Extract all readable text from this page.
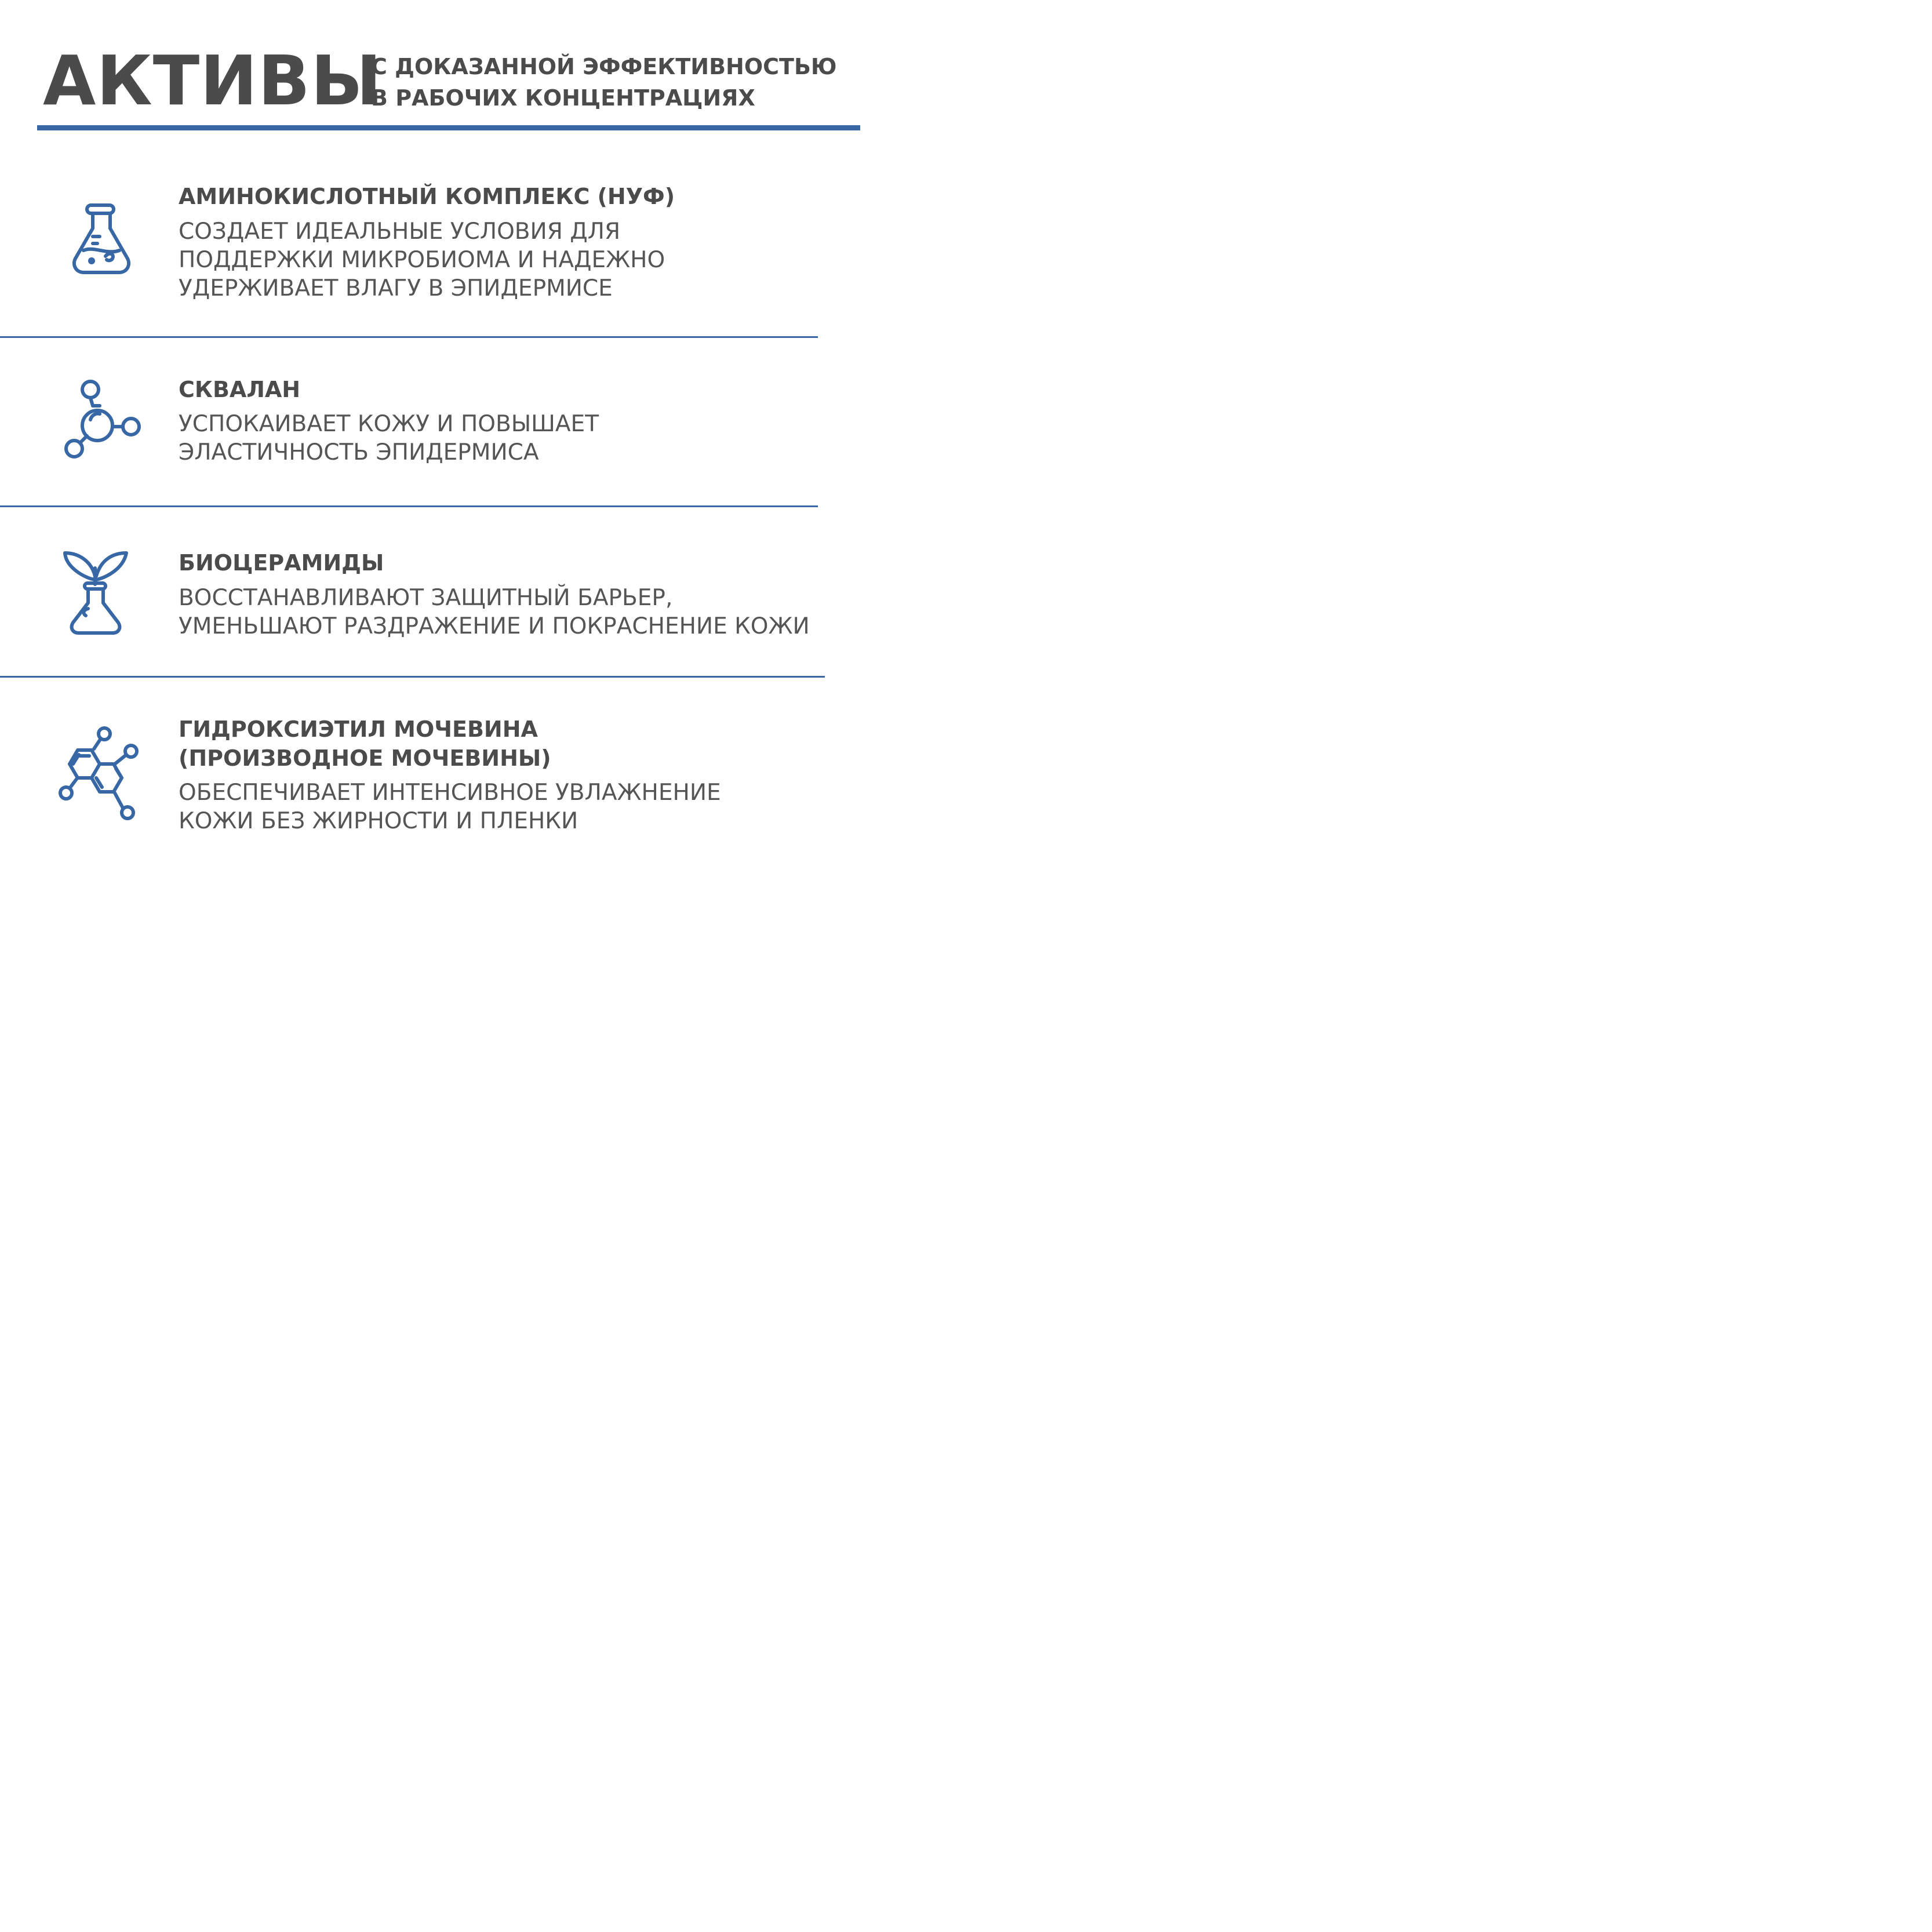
АКТИВЫ
С ДОКАЗАННОЙ ЭФФЕКТИВНОСТЬЮ
В РАБОЧИХ КОНЦЕНТРАЦИЯХ
АМИНОКИСЛОТНЫЙ КОМПЛЕКС (НУФ)
СОЗДАЕТ ИДЕАЛЬНЫЕ УСЛОВИЯ ДЛЯ
ПОДДЕРЖКИ МИКРОБИОМА И НАДЕЖНО
УДЕРЖИВАЕТ ВЛАГУ В ЭПИДЕРМИСЕ
СКВАЛАН
УСПОКАИВАЕТ КОЖУ И ПОВЫШАЕТ
ЭЛАСТИЧНОСТЬ ЭПИДЕРМИСА
БИОЦЕРАМИДЫ
ВОССТАНАВЛИВАЮТ ЗАЩИТНЫЙ БАРЬЕР,
УМЕНЬШАЮТ РАЗДРАЖЕНИЕ И ПОКРАСНЕНИЕ КОЖИ
ГИДРОКСИЭТИЛ МОЧЕВИНА
(ПРОИЗВОДНОЕ МОЧЕВИНЫ)
ОБЕСПЕЧИВАЕТ ИНТЕНСИВНОЕ УВЛАЖНЕНИЕ
КОЖИ БЕЗ ЖИРНОСТИ И ПЛЕНКИ
